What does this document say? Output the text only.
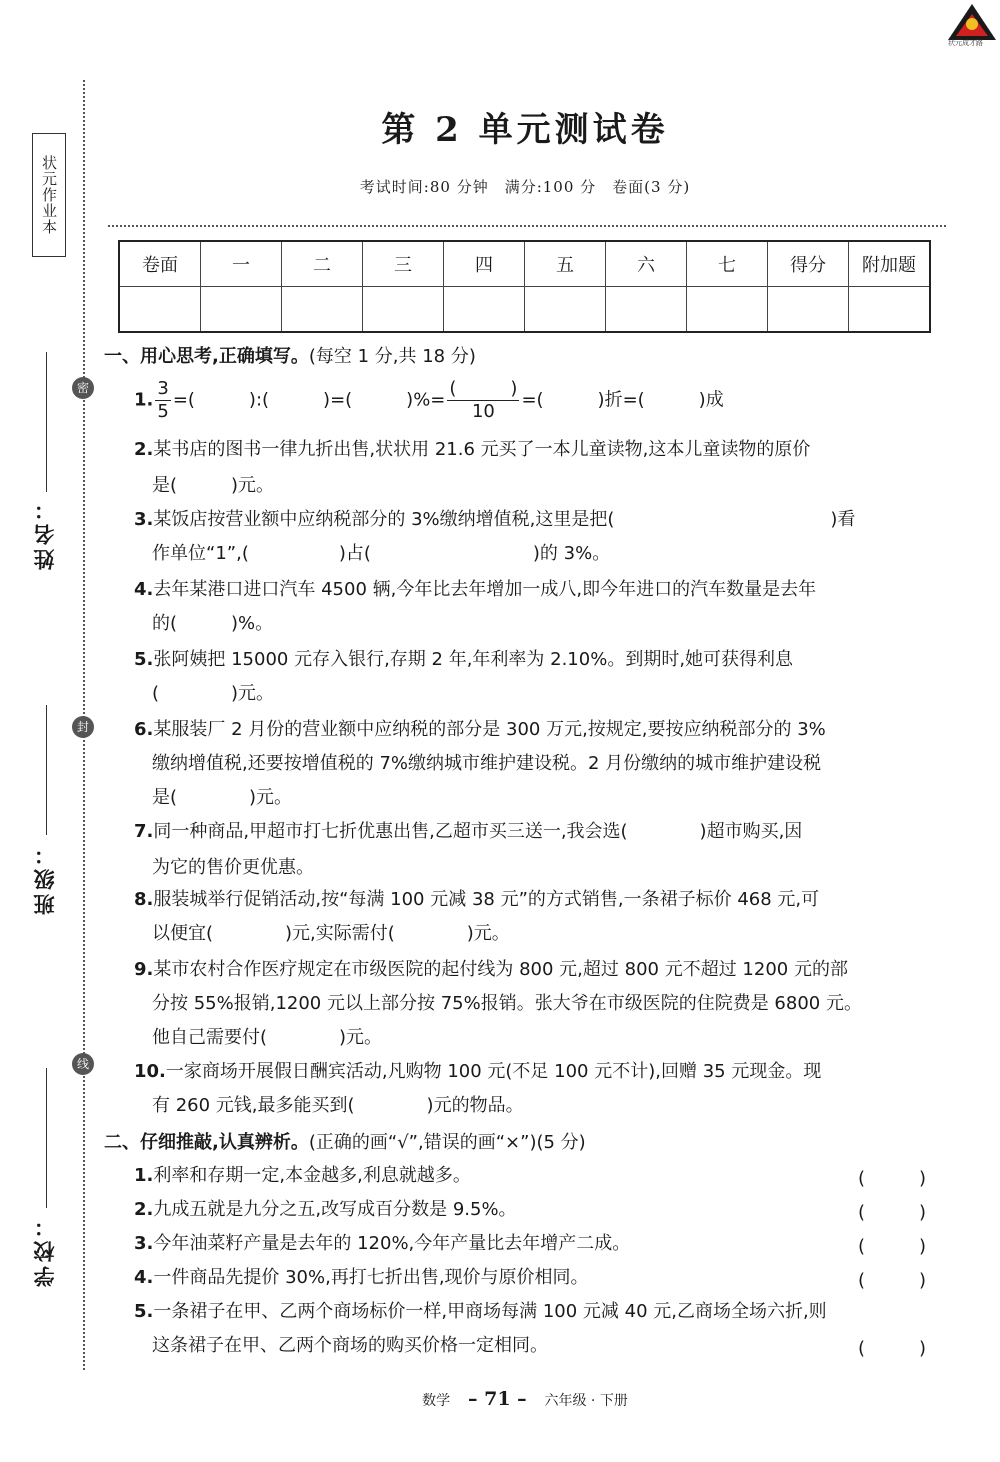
状元作业本
密
封
线
姓名：
班级：
学校：
状元成才路
第 2 单元测试卷
考试时间:80 分钟　满分:100 分　卷面(3 分)
卷面	一	二	三	四	五	六	七	得分	附加题

一、用心思考,正确填写。(每空 1 分,共 18 分)
1. $\frac{3}{5}$ =(　　　):(　　　)=(　　　)%= $\frac{( )}{10}$ =(　　　)折=(　　　)成
2.某书店的图书一律九折出售,状状用 21.6 元买了一本儿童读物,这本儿童读物的原价
是(　　　)元。
3.某饭店按营业额中应纳税部分的 3%缴纳增值税,这里是把(　　　　　　　　　　　　)看
作单位“1”,(　　　　　)占(　　　　　　　　　)的 3%。
4.去年某港口进口汽车 4500 辆,今年比去年增加一成八,即今年进口的汽车数量是去年
的(　　　)%。
5.张阿姨把 15000 元存入银行,存期 2 年,年利率为 2.10%。到期时,她可获得利息
(　　　　)元。
6.某服装厂 2 月份的营业额中应纳税的部分是 300 万元,按规定,要按应纳税部分的 3%
缴纳增值税,还要按增值税的 7%缴纳城市维护建设税。2 月份缴纳的城市维护建设税
是(　　　　)元。
7.同一种商品,甲超市打七折优惠出售,乙超市买三送一,我会选(　　　　)超市购买,因
为它的售价更优惠。
8.服装城举行促销活动,按“每满 100 元减 38 元”的方式销售,一条裙子标价 468 元,可
以便宜(　　　　)元,实际需付(　　　　)元。
9.某市农村合作医疗规定在市级医院的起付线为 800 元,超过 800 元不超过 1200 元的部
分按 55%报销,1200 元以上部分按 75%报销。张大爷在市级医院的住院费是 6800 元。
他自己需要付(　　　　)元。
10.一家商场开展假日酬宾活动,凡购物 100 元(不足 100 元不计),回赠 35 元现金。现
有 260 元钱,最多能买到(　　　　)元的物品。
二、仔细推敲,认真辨析。(正确的画“√”,错误的画“×”)(5 分)
1.利率和存期一定,本金越多,利息就越多。	(　　　)
2.九成五就是九分之五,改写成百分数是 9.5%。	(　　　)
3.今年油菜籽产量是去年的 120%,今年产量比去年增产二成。	(　　　)
4.一件商品先提价 30%,再打七折出售,现价与原价相同。	(　　　)
5.一条裙子在甲、乙两个商场标价一样,甲商场每满 100 元减 40 元,乙商场全场六折,则
这条裙子在甲、乙两个商场的购买价格一定相同。	(　　　)
数学 – 71 – 六年级 · 下册
